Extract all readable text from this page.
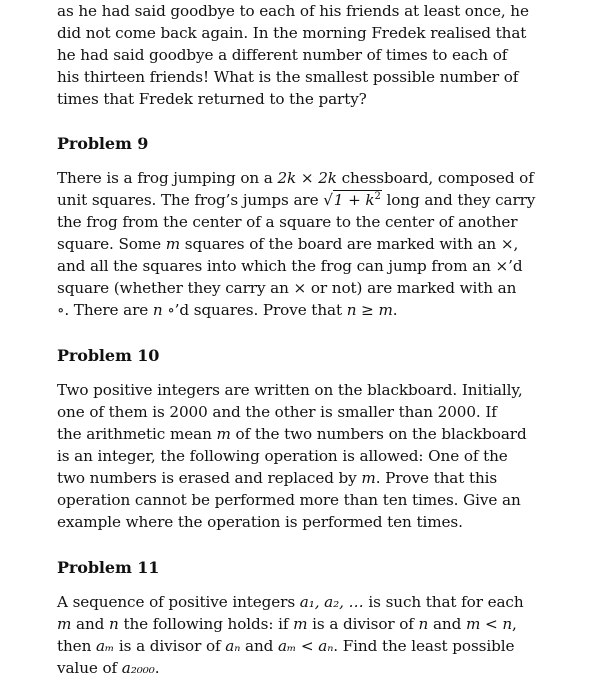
as he had said goodbye to each of his friends at least once, he
did not come back again. In the morning Fredek realised that
he had said goodbye a different number of times to each of
his thirteen friends! What is the smallest possible number of
times that Fredek returned to the party?

Problem 9

There is a frog jumping on a 2k × 2k chessboard, composed of
unit squares. The frog’s jumps are $√1 + k^2$ long and they carry
the frog from the center of a square to the center of another
square. Some m squares of the board are marked with an ×,
and all the squares into which the frog can jump from an ×’d
square (whether they carry an × or not) are marked with an
∘. There are n ∘’d squares. Prove that n ≥ m.

Problem 10

Two positive integers are written on the blackboard. Initially,
one of them is 2000 and the other is smaller than 2000. If
the arithmetic mean m of the two numbers on the blackboard
is an integer, the following operation is allowed: One of the
two numbers is erased and replaced by m. Prove that this
operation cannot be performed more than ten times. Give an
example where the operation is performed ten times.

Problem 11

A sequence of positive integers a₁, a₂, … is such that for each
m and n the following holds: if m is a divisor of n and m < n,
then aₘ is a divisor of aₙ and aₘ < aₙ. Find the least possible
value of a₂₀₀₀.
